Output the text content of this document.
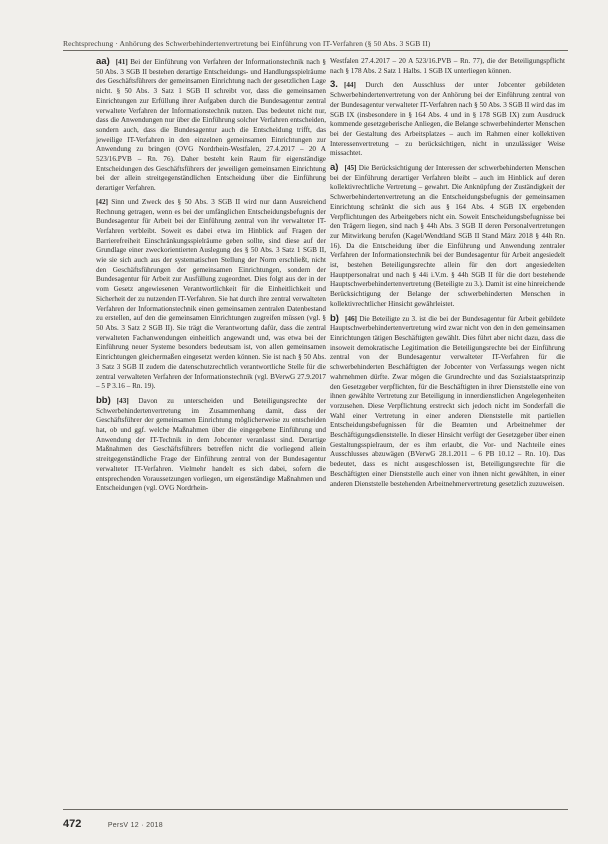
Rechtsprechung · Anhörung des Schwerbehindertenvertretung bei Einführung von IT-Verfahren (§ 50 Abs. 3 SGB II)

aa) [41] Bei der Einführung von Verfahren der Informationstechnik nach § 50 Abs. 3 SGB II bestehen derartige Entscheidungs- und Handlungsspielräume des Geschäftsführers der gemeinsamen Einrichtung nach der gesetzlichen Lage nicht. § 50 Abs. 3 Satz 1 SGB II schreibt vor, dass die gemeinsamen Einrichtungen zur Erfüllung ihrer Aufgaben durch die Bundesagentur zentral verwaltete Verfahren der Informationstechnik nutzen. Das bedeutet nicht nur, dass die Anwendungen nur über die Einführung solcher Verfahren entscheiden, sondern auch, dass die Bundesagentur auch die Entscheidung trifft, das jeweilige IT-Verfahren in den einzelnen gemeinsamen Einrichtungen zur Anwendung zu bringen (OVG Nordrhein-Westfalen, 27.4.2017 – 20 A 523/16.PVB – Rn. 76). Daher besteht kein Raum für eigenständige Entscheidungen des Geschäftsführers der jeweiligen gemeinsamen Einrichtung bei der allein streitgegenständlichen Entscheidung über die Einführung derartiger Verfahren.

[42] Sinn und Zweck des § 50 Abs. 3 SGB II wird nur dann Ausreichend Rechnung getragen, wenn es bei der umfänglichen Entscheidungsbefugnis der Bundesagentur für Arbeit bei der Einführung zentral von ihr verwalteter IT-Verfahren verbleibt. Soweit es dabei etwa im Hinblick auf Fragen der Barrierefreiheit Einschränkungsspielräume geben sollte, sind diese auf der Grundlage einer zweckorientierten Auslegung des § 50 Abs. 3 Satz 1 SGB II, wie sie sich auch aus der systematischen Stellung der Norm erschließt, nicht den Geschäftsführungen der gemeinsamen Einrichtungen, sondern der Bundesagentur für Arbeit zur Ausfüllung zugeordnet. Dies folgt aus der in der vom Gesetz angewiesenen Verantwortlichkeit für die Einheitlichkeit und Sicherheit der zu nutzenden IT-Verfahren. Sie hat durch ihre zentral verwalteten Verfahren der Informationstechnik einen gemeinsamen zentralen Datenbestand zu erstellen, auf den die gemeinsamen Einrichtungen zugreifen müssen (vgl. § 50 Abs. 3 Satz 2 SGB II). Sie trägt die Verantwortung dafür, dass die zentral verwalteten Fachanwendungen einheitlich angewandt und, was etwa bei der Einführung neuer Systeme besonders bedeutsam ist, von allen gemeinsamen Einrichtungen gleichermaßen eingesetzt werden können. Sie ist nach § 50 Abs. 3 Satz 3 SGB II zudem die datenschutzrechtlich verantwortliche Stelle für die zentral verwalteten Verfahren der Informationstechnik (vgl. BVerwG 27.9.2017 – 5 P 3.16 – Rn. 19).

bb) [43] Davon zu unterscheiden und Beteiligungsrechte der Schwerbehindertenvertretung im Zusammenhang damit, dass der Geschäftsführer der gemeinsamen Einrichtung möglicherweise zu entscheiden hat, ob und ggf. welche Maßnahmen über die eingegebene Einführung und Anwendung der IT-Technik in dem Jobcenter veranlasst sind. Derartige Maßnahmen des Geschäftsführers betreffen nicht die vorliegend allein streitgegenständliche Frage der Einführung zentral von der Bundesagentur verwalteter IT-Verfahren. Vielmehr handelt es sich dabei, sofern die entsprechenden Voraussetzungen vorliegen, um eigenständige Maßnahmen und Entscheidungen (vgl. OVG Nordrhein-

Westfalen 27.4.2017 – 20 A 523/16.PVB – Rn. 77), die der Beteiligungspflicht nach § 178 Abs. 2 Satz 1 Halbs. 1 SGB IX unterliegen können.

3. [44] Durch den Ausschluss der unter Jobcenter gebildeten Schwerbehindertenvertretung von der Anhörung bei der Einführung zentral von der Bundesagentur verwalteter IT-Verfahren nach § 50 Abs. 3 SGB II wird das im SGB IX (insbesondere in § 164 Abs. 4 und in § 178 SGB IX) zum Ausdruck kommende gesetzgeberische Anliegen, die Belange schwerbehinderter Menschen bei der Gestaltung des Arbeitsplatzes – auch im Rahmen einer kollektiven Interessenvertretung – zu berücksichtigen, nicht in unzulässiger Weise missachtet.

a) [45] Die Berücksichtigung der Interessen der schwerbehinderten Menschen bei der Einführung derartiger Verfahren bleibt – auch im Hinblick auf deren kollektivrechtliche Vertretung – gewahrt. Die Anknüpfung der Zuständigkeit der Schwerbehindertenvertretung an die Entscheidungsbefugnis der gemeinsamen Einrichtung schränkt die sich aus § 164 Abs. 4 SGB IX ergebenden Verpflichtungen des Arbeitgebers nicht ein. Soweit Entscheidungsbefugnisse bei den Trägern liegen, sind nach § 44h Abs. 3 SGB II deren Personalvertretungen zur Mitwirkung berufen (Kagel/Wendtland SGB II Stand März 2018 § 44h Rn. 16). Da die Entscheidung über die Einführung und Anwendung zentraler Verfahren der Informationstechnik bei der Bundesagentur für Arbeit angesiedelt ist, bestehen Beteiligungsrechte allein für den dort angesiedelten Hauptpersonalrat und nach § 44i i.V.m. § 44h SGB II für die dort bestehende Hauptschwerbehindertenvertretung (Beteiligte zu 3.). Damit ist eine hinreichende Berücksichtigung der Belange der schwerbehinderten Menschen in kollektivrechtlicher Hinsicht gewährleistet.

b) [46] Die Beteiligte zu 3. ist die bei der Bundesagentur für Arbeit gebildete Hauptschwerbehindertenvertretung wird zwar nicht von den in den gemeinsamen Einrichtungen tätigen Beschäftigten gewählt. Dies führt aber nicht dazu, dass die insoweit demokratische Legitimation die Beteiligungsrechte bei der Einführung zentral von der Bundesagentur verwalteter IT-Verfahren für die schwerbehinderten Beschäftigten der Jobcenter von Verfassungs wegen nicht wahrnehmen dürfte. Zwar mögen die Grundrechte und das Sozialstaatsprinzip den Gesetzgeber verpflichten, für die Beschäftigten in ihrer Dienststelle eine von ihnen gewählte Vertretung zur Beteiligung in innerdienstlichen Angelegenheiten vorzusehen. Diese Verpflichtung erstreckt sich jedoch nicht im Sonderfall die Wahl einer Vertretung in einer anderen Dienststelle mit partiellen Entscheidungsbefugnissen für die Beamten und Arbeitnehmer der Beschäftigungsdienststelle. In dieser Hinsicht verfügt der Gesetzgeber über einen Gestaltungsspielraum, der es ihm erlaubt, die Vor- und Nachteile eines Ausschlusses abzuwägen (BVerwG 28.1.2011 – 6 PB 10.12 – Rn. 10). Das bedeutet, dass es nicht ausgeschlossen ist, Beteiligungsrechte für die Beschäftigten einer Dienststelle auch einer von ihnen nicht gewählten, in einer anderen Dienststelle bestehenden Arbeitnehmervertretung gesetzlich zuzuweisen.

472	PersV 12 · 2018
